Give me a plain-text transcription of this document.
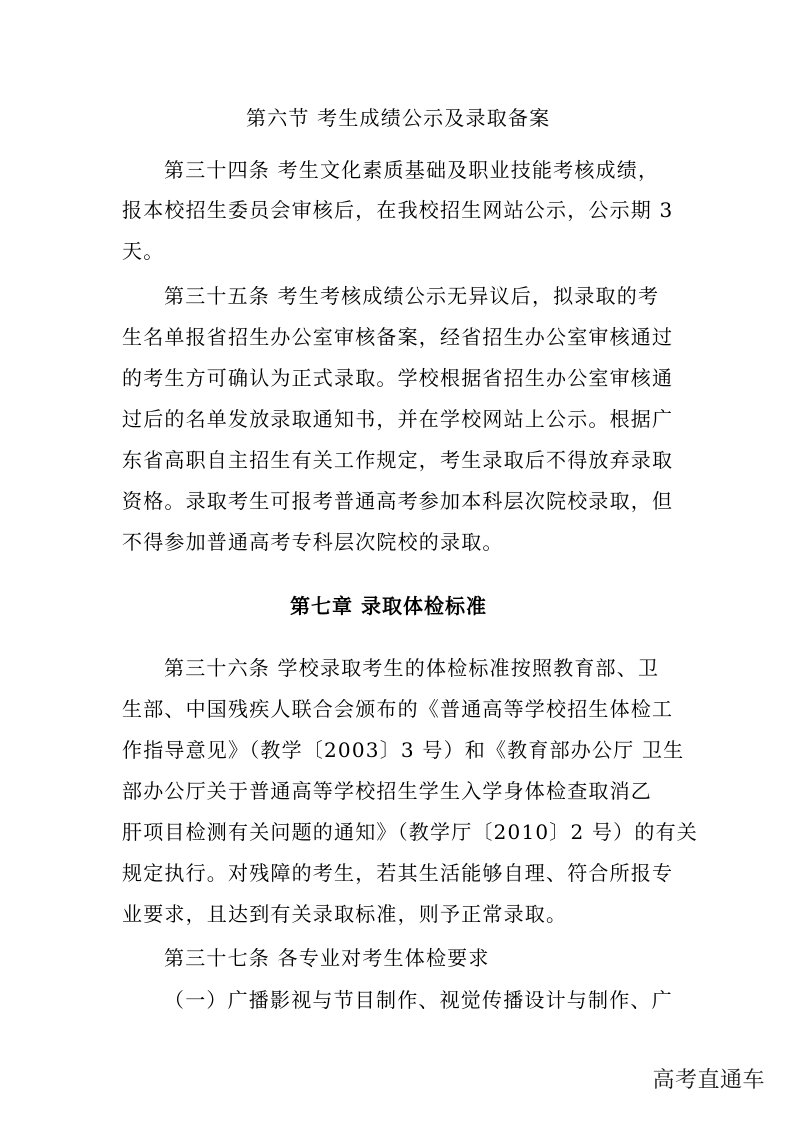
第六节 考生成绩公示及录取备案
第三十四条 考生文化素质基础及职业技能考核成绩，
报本校招生委员会审核后，在我校招生网站公示，公示期 3
天。
第三十五条 考生考核成绩公示无异议后，拟录取的考
生名单报省招生办公室审核备案，经省招生办公室审核通过
的考生方可确认为正式录取。学校根据省招生办公室审核通
过后的名单发放录取通知书，并在学校网站上公示。根据广
东省高职自主招生有关工作规定，考生录取后不得放弃录取
资格。录取考生可报考普通高考参加本科层次院校录取，但
不得参加普通高考专科层次院校的录取。
第七章 录取体检标准
第三十六条 学校录取考生的体检标准按照教育部、卫
生部、中国残疾人联合会颁布的《普通高等学校招生体检工
作指导意见》（教学〔2003〕3 号）和《教育部办公厅 卫生
部办公厅关于普通高等学校招生学生入学身体检查取消乙
肝项目检测有关问题的通知》（教学厅〔2010〕2 号）的有关
规定执行。对残障的考生，若其生活能够自理、符合所报专
业要求，且达到有关录取标准，则予正常录取。
第三十七条 各专业对考生体检要求
（一）广播影视与节目制作、视觉传播设计与制作、广
高考直通车
